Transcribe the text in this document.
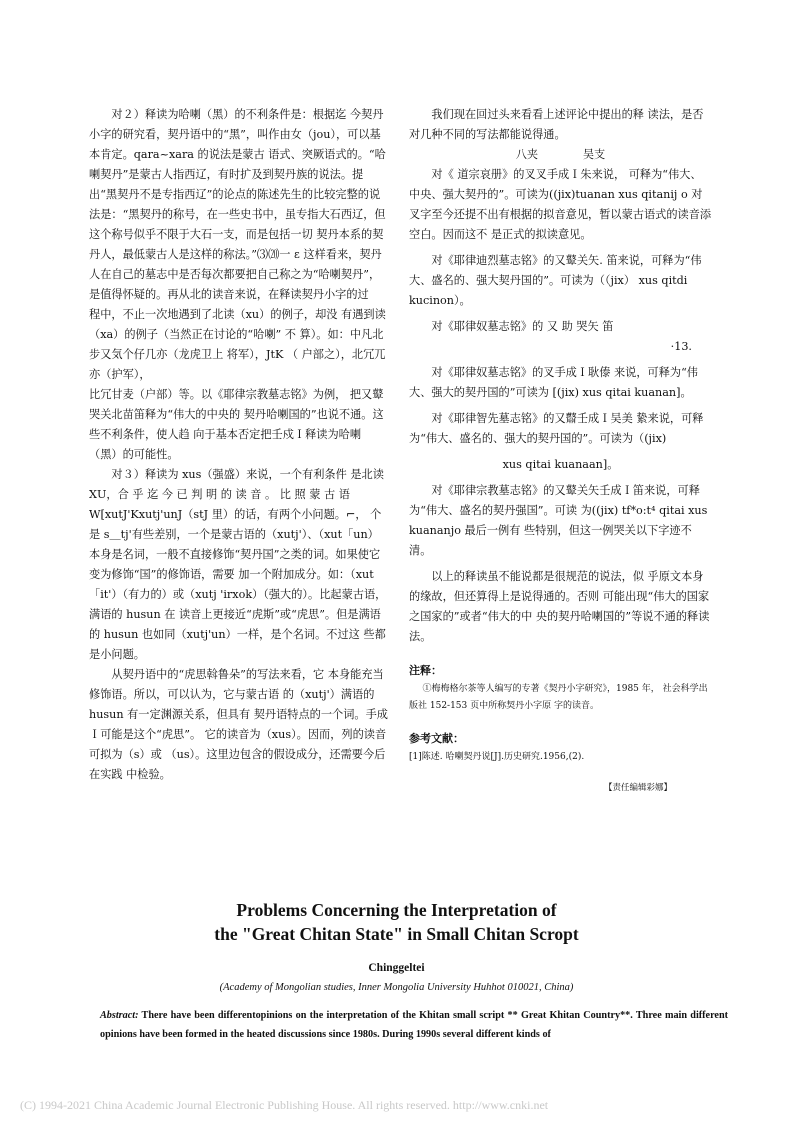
对２）释读为哈喇（黑）的不利条件是：根据迄 今契丹小字的研究看，契丹语中的“黑”，叫作由女（jou），可以基本肯定。qara~xara 的说法是蒙古 语式、突厥语式的。“哈喇契丹”是蒙古人指西辽，有时扩及到契丹族的说法。提出“黑契丹不是专指西辽”的论点的陈述先生的比较完整的说法是：“黑契丹的称号，在一些史书中，虽专指大石西辽，但这个称号似乎不限于大石一支，而是包括一切 契丹本系的契丹人，最低蒙古人是这样的称法。”⑶⒇一 ε 这样看来，契丹人在自己的墓志中是否每次都要把自己称之为“哈喇契丹”，是值得怀疑的。再从北的读音来说，在释读契丹小字的过

程中，不止一次地遇到了北读（xu）的例子，却没 有遇到读（xa）的例子（当然正在讨论的“哈喇” 不 算）。如：中凡北 步又気个仔几亦（龙虎卫上 将军），JtK （ 户部之），北冗兀亦（护军），

比冗甘麦（户部）等。以《耶律宗教墓志铭》为例， 把又鼙哭关北苗笛释为“伟大的中央的 契丹哈喇国的”也说不通。这些不利条件，使人趋 向于基本否定把壬戍Ｉ释读为哈喇（黑）的可能性。

对３）释读为 xus（强盛）来说，一个有利条件 是北读 XU，合 乎 迄 今 已 判 明 的 读 音 。 比 照 蒙 古 语 W[xutJ'Kxutj'unJ（stJ 里）的话，有两个小问题。⌐， 个是 s＿tj'有些差别，一个是蒙古语的（xutj'）、（xut「un）本身是名词，一般不直接修饰“契丹国”之类的词。如果使它变为修饰“国”的修饰语，需要 加一个附加成分。如：（xut「it'）（有力的）或（xutj 'irxok）（强大的）。比起蒙古语，满语的 husun 在 读音上更接近“虎斯”或“虎思”。但是满语的 husun 也如同（xutj'un）一样，是个名词。不过这 些都是小问题。

从契丹语中的“虎思斡鲁朵”的写法来看，它 本身能充当修饰语。所以，可以认为，它与蒙古语 的（xutj'）满语的 husun 有一定渊源关系，但具有 契丹语特点的一个词。手成Ｉ可能是这个“虎思”。 它的读音为（xus）。因而，列的读音可拟为（s）或 （us）。这里边包含的假设成分，还需要今后在实践 中检验。

我们现在回过头来看看上述评论中提出的释 读法，是否对几种不同的写法都能说得通。

八夹　　　　吴支

对《 道宗哀册》的叉叉手成Ｉ朱来说， 可释为“伟大、中央、强大契丹的”。可读为((jix)tuanan xus qitanij o 对叉字至今还提不出有根据的拟音意见，暂以蒙古语式的读音添空白。因而这不 是正式的拟读意见。

对《耶律迪烈墓志铭》的又鼙关矢. 笛来说，可释为“伟大、盛名的、强大契丹国的”。可读为（（jix） xus qitdi kucinon）。

对《耶律奴墓志铭》的 又 助 哭矢 笛

·13.

对《耶律奴墓志铭》的叉手成Ｉ耿傣 来说，可释为“伟大、强大的契丹国的”可读为 [(jix) xus qitai kuanan]。

对《耶律智先墓志铭》的又鼘壬成Ｉ吴美 絷来说，可释为“伟大、盛名的、强大的契丹国的”。可读为（(jix)

xus qitai kuanaan]。

对《耶律宗教墓志铭》的又鼙关矢壬成Ｉ笛来说，可释为“伟大、盛名的契丹强国”。可读 为((jix) tf*o:t⁴ qitai xus kuananjo 最后一例有 些特别，但这一例哭关以下字迹不清。

以上的释读虽不能说都是很规范的说法，似 乎原文本身的缘故，但还算得上是说得通的。否则 可能出现“伟大的国家之国家的”或者“伟大的中 央的契丹哈喇国的”等说不通的释读法。

注释：

①梅梅格尔茶等人编写的专著《契丹小字研究》，1985 年， 社会科学出版社 152-153 页中所称契丹小字原 字的读音。

参考文献：

[1]陈述. 哈喇契丹说[J].历史研究.1956,(2).

【责任编辑彩娜】

Problems Concerning the Interpretation of
the "Great Chitan State" in Small Chitan Scropt
Chinggeltei
(Academy of Mongolian studies, Inner Mongolia University Huhhot 010021, China)
Abstract: There have been differentopinions on the interpretation of the Khitan small script ** Great Khitan Country**. Three main different opinions have been formed in the heated discussions since 1980s. During 1990s several different kinds of
(C) 1994-2021 China Academic Journal Electronic Publishing House. All rights reserved. http://www.cnki.net
